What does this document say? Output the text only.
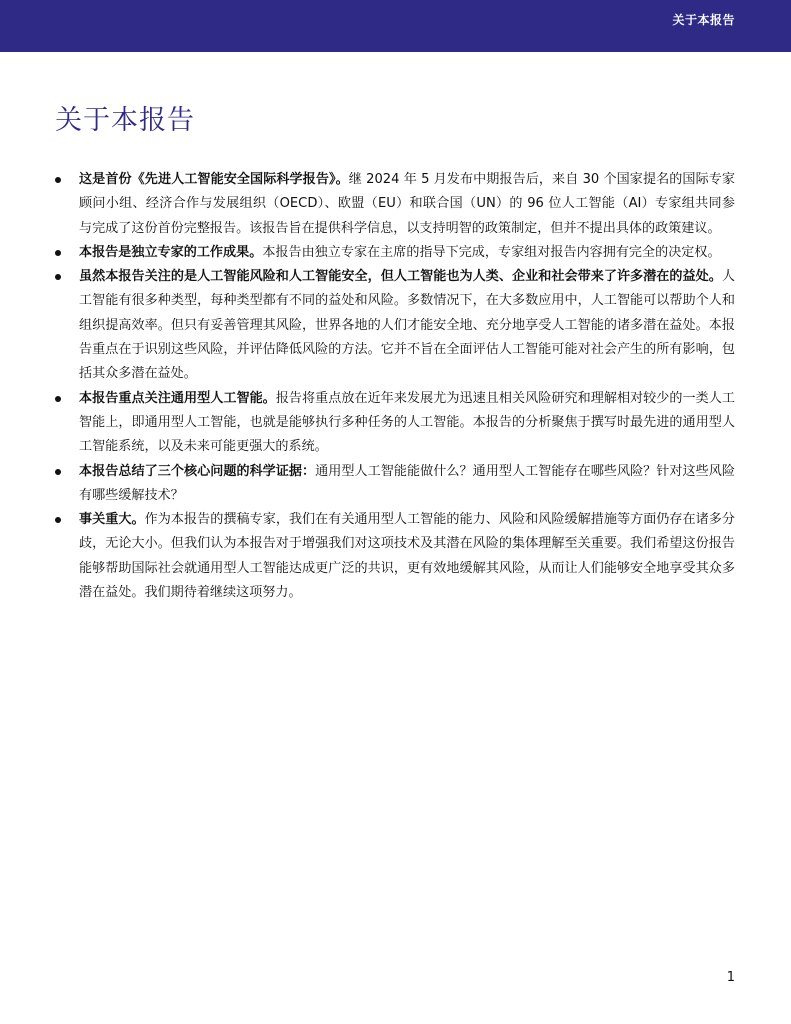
关于本报告
关于本报告
这是首份《先进人工智能安全国际科学报告》。继 2024 年 5 月发布中期报告后，来自 30 个国家提名的国际专家顾问小组、经济合作与发展组织（OECD）、欧盟（EU）和联合国（UN）的 96 位人工智能（AI）专家组共同参与完成了这份首份完整报告。该报告旨在提供科学信息，以支持明智的政策制定，但并不提出具体的政策建议。
本报告是独立专家的工作成果。本报告由独立专家在主席的指导下完成，专家组对报告内容拥有完全的决定权。
虽然本报告关注的是人工智能风险和人工智能安全，但人工智能也为人类、企业和社会带来了许多潜在的益处。人工智能有很多种类型，每种类型都有不同的益处和风险。多数情况下，在大多数应用中，人工智能可以帮助个人和组织提高效率。但只有妥善管理其风险，世界各地的人们才能安全地、充分地享受人工智能的诸多潜在益处。本报告重点在于识别这些风险，并评估降低风险的方法。它并不旨在全面评估人工智能可能对社会产生的所有影响，包括其众多潜在益处。
本报告重点关注通用型人工智能。报告将重点放在近年来发展尤为迅速且相关风险研究和理解相对较少的一类人工智能上，即通用型人工智能，也就是能够执行多种任务的人工智能。本报告的分析聚焦于撰写时最先进的通用型人工智能系统，以及未来可能更强大的系统。
本报告总结了三个核心问题的科学证据：通用型人工智能能做什么？通用型人工智能存在哪些风险？针对这些风险有哪些缓解技术？
事关重大。作为本报告的撰稿专家，我们在有关通用型人工智能的能力、风险和风险缓解措施等方面仍存在诸多分歧，无论大小。但我们认为本报告对于增强我们对这项技术及其潜在风险的集体理解至关重要。我们希望这份报告能够帮助国际社会就通用型人工智能达成更广泛的共识，更有效地缓解其风险，从而让人们能够安全地享受其众多潜在益处。我们期待着继续这项努力。
1
